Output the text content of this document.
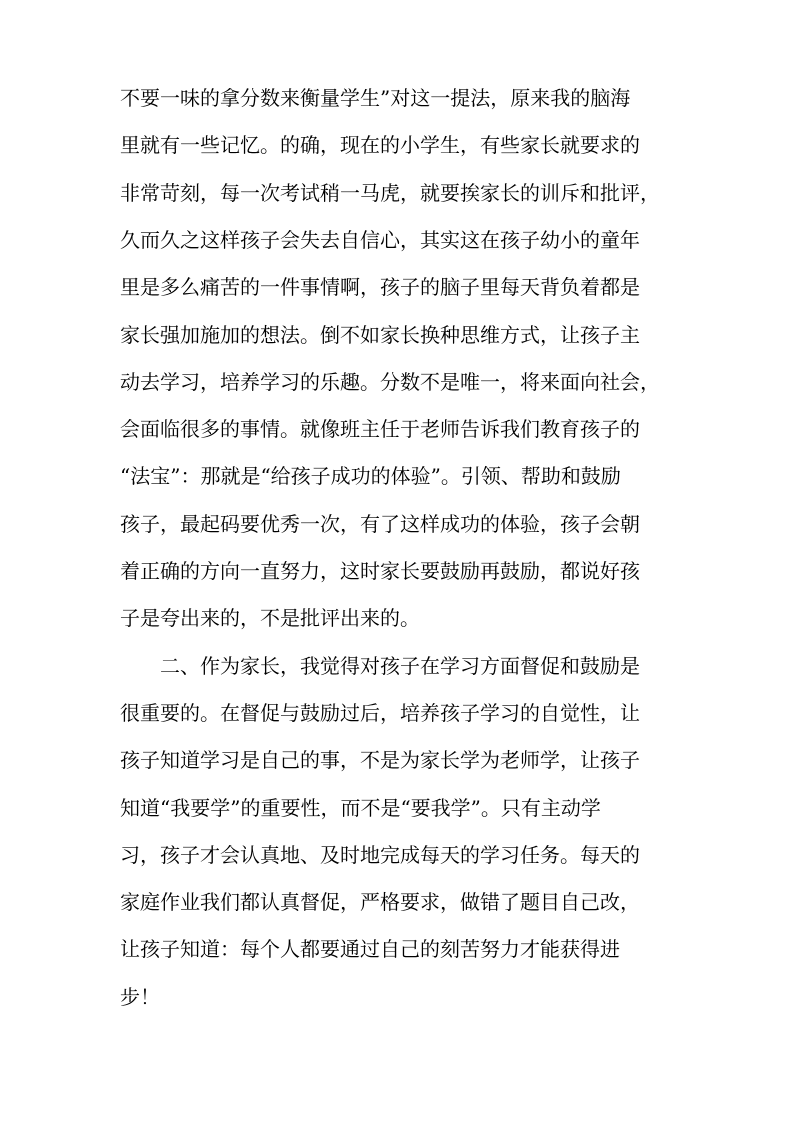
不要一味的拿分数来衡量学生”对这一提法，原来我的脑海
里就有一些记忆。的确，现在的小学生，有些家长就要求的
非常苛刻，每一次考试稍一马虎，就要挨家长的训斥和批评，
久而久之这样孩子会失去自信心，其实这在孩子幼小的童年
里是多么痛苦的一件事情啊，孩子的脑子里每天背负着都是
家长强加施加的想法。倒不如家长换种思维方式，让孩子主
动去学习，培养学习的乐趣。分数不是唯一，将来面向社会，
会面临很多的事情。就像班主任于老师告诉我们教育孩子的
“法宝”：那就是“给孩子成功的体验”。引领、帮助和鼓励
孩子，最起码要优秀一次，有了这样成功的体验，孩子会朝
着正确的方向一直努力，这时家长要鼓励再鼓励，都说好孩
子是夸出来的，不是批评出来的。
二、作为家长，我觉得对孩子在学习方面督促和鼓励是
很重要的。在督促与鼓励过后，培养孩子学习的自觉性，让
孩子知道学习是自己的事，不是为家长学为老师学，让孩子
知道“我要学”的重要性，而不是“要我学”。只有主动学
习，孩子才会认真地、及时地完成每天的学习任务。每天的
家庭作业我们都认真督促，严格要求，做错了题目自己改，
让孩子知道：每个人都要通过自己的刻苦努力才能获得进
步！
